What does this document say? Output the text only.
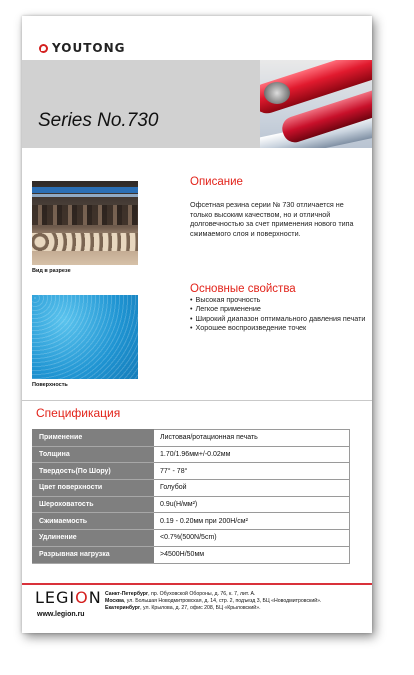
YOUTONG
Series No.730
Вид в разрезе
Поверхность
Описание
Офсетная резина серии № 730 отличается не только высоким качеством, но и отличной долговечностью за счет применения нового типа сжимаемого слоя и поверхности.
Основные свойства
• Высокая прочность
• Легкое применение
• Широкий диапазон оптимального давления печати
• Хорошее воспроизведение точек
Спецификация
Применение	Листовая/ротационная печать
Толщина	1.70/1.96мм+/-0.02мм
Твердость(По Шору)	77° - 78°
Цвет поверхности	Голубой
Шероховатость	0.9u(Н/мм²)
Сжимаемость	0.19 - 0.20мм при 200Н/см²
Удлинение	<0.7%(500N/5cm)
Разрывная нагрузка	>4500Н/50мм
LEGION
www.legion.ru
Санкт-Петербург, пр. Обуховской Обороны, д. 76, к. 7, лит. А.
Москва, ул. Большая Новодмитровская, д. 14, стр. 2, подъезд 3, БЦ «Новодмитровский».
Екатеринбург, ул. Крылова, д. 27, офис 208, БЦ «Крыловский».
